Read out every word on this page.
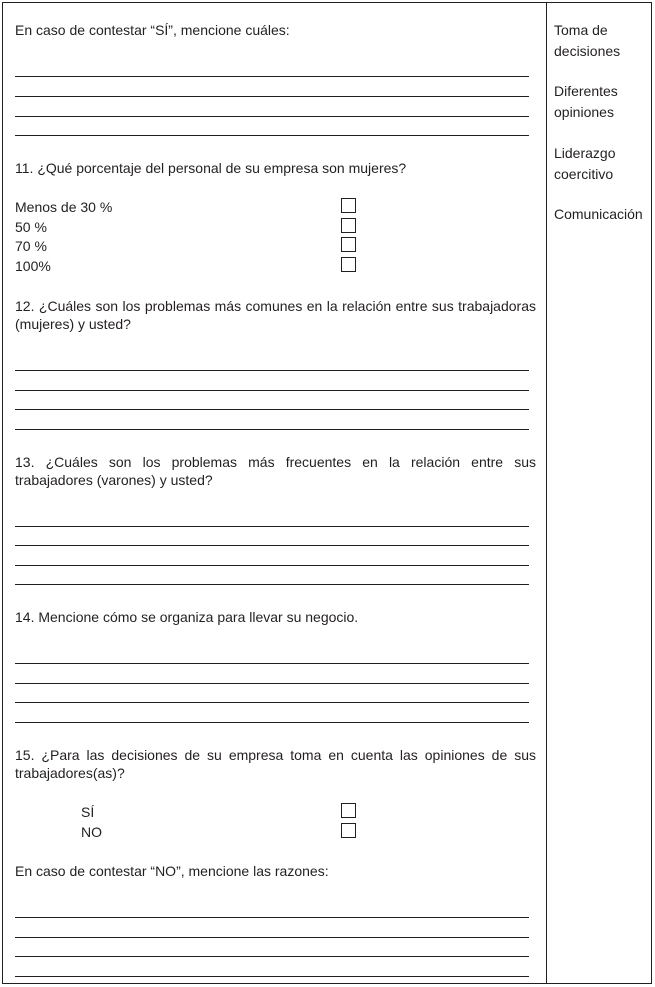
En caso de contestar “SÍ”, mencione cuáles:
11. ¿Qué porcentaje del personal de su empresa son mujeres?
Menos de 30 %
50 %
70 %
100%
12. ¿Cuáles son los problemas más comunes en la relación entre sus trabajadoras (mujeres) y usted?
13. ¿Cuáles son los problemas más frecuentes en la relación entre sus trabajadores (varones) y usted?
14. Mencione cómo se organiza para llevar su negocio.
15. ¿Para las decisiones de su empresa toma en cuenta las opiniones de sus trabajadores(as)?
SÍ
NO
En caso de contestar “NO”, mencione las razones:
Toma de decisiones
Diferentes opiniones
Liderazgo coercitivo
Comunicación
